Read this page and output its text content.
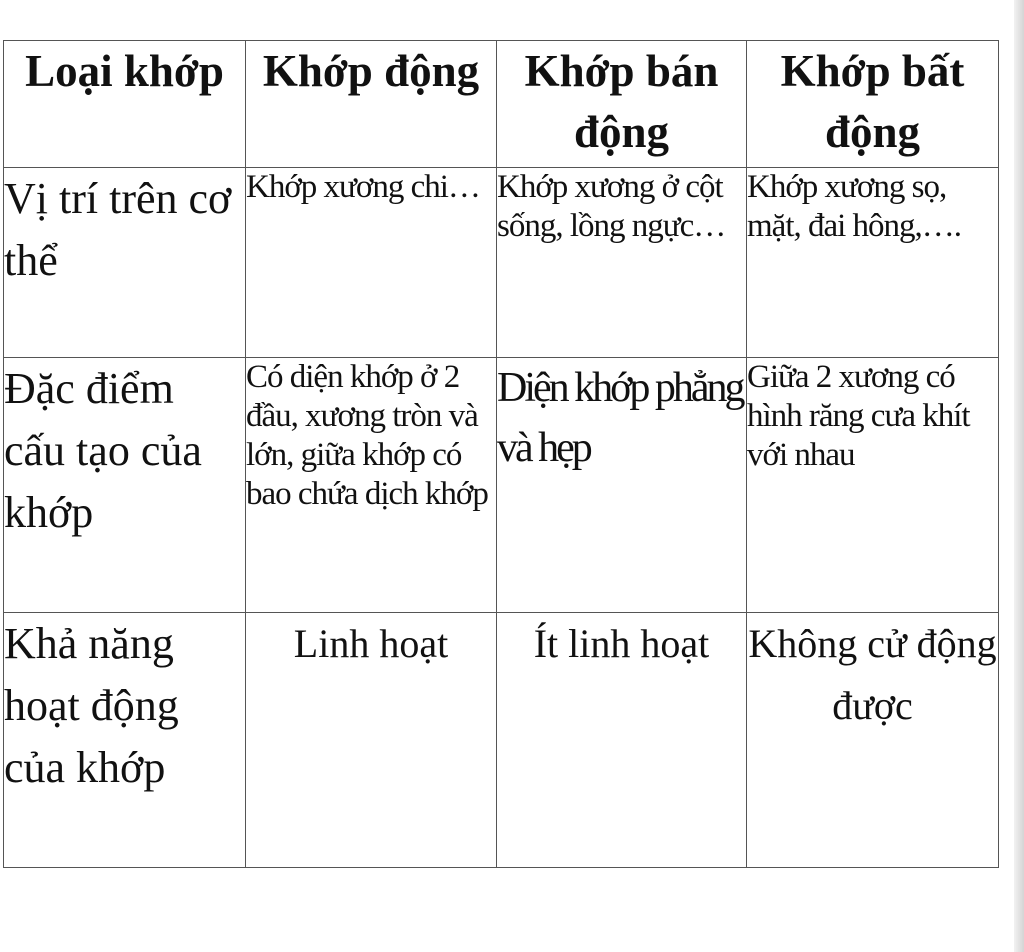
Loại khớp	Khớp động	Khớp bán động	Khớp bất động
Vị trí trên cơ thể	Khớp xương chi…	Khớp xương ở cột sống, lồng ngực…	Khớp xương sọ, mặt, đai hông,….
Đặc điểm cấu tạo của khớp	Có diện khớp ở 2 đầu, xương tròn và lớn, giữa khớp có bao chứa dịch khớp	Diện khớp phẳng và hẹp	Giữa 2 xương có hình răng cưa khít với nhau
Khả năng hoạt động của khớp	Linh hoạt	Ít linh hoạt	Không cử động được
